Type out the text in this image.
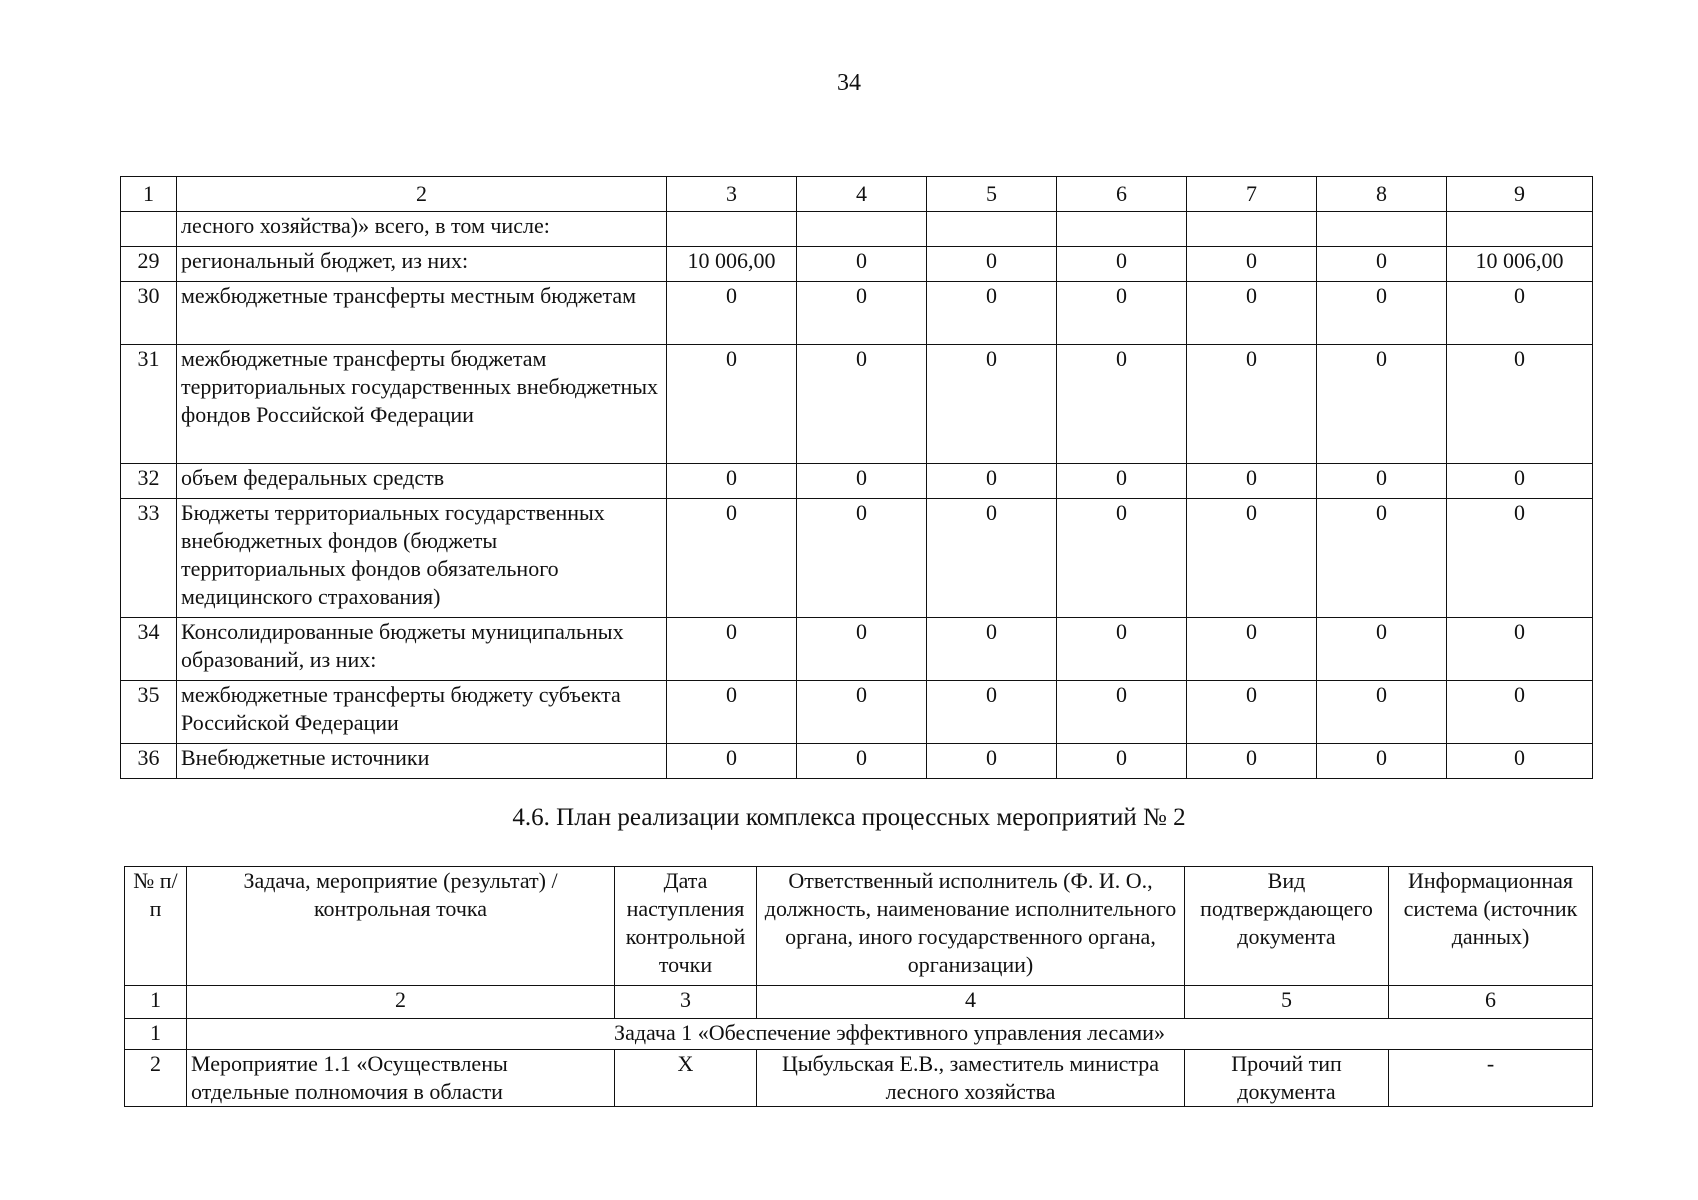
34
1	2	3	4	5	6	7	8	9
	лесного хозяйства)» всего, в том числе:							
29	региональный бюджет, из них:	10 006,00	0	0	0	0	0	10 006,00
30	межбюджетные трансферты местным бюджетам	0	0	0	0	0	0	0
31	межбюджетные трансферты бюджетам территориальных государственных внебюджетных фондов Российской Федерации	0	0	0	0	0	0	0
32	объем федеральных средств	0	0	0	0	0	0	0
33	Бюджеты территориальных государственных внебюджетных фондов (бюджеты территориальных фондов обязательного медицинского страхования)	0	0	0	0	0	0	0
34	Консолидированные бюджеты муниципальных образований, из них:	0	0	0	0	0	0	0
35	межбюджетные трансферты бюджету субъекта Российской Федерации	0	0	0	0	0	0	0
36	Внебюджетные источники	0	0	0	0	0	0	0
4.6. План реализации комплекса процессных мероприятий № 2
№ п/п	Задача, мероприятие (результат) / контрольная точка	Дата наступления контрольной точки	Ответственный исполнитель (Ф. И. О., должность, наименование исполнительного органа, иного государственного органа, организации)	Вид подтверждающего документа	Информационная система (источник данных)
1	2	3	4	5	6
1	Задача 1 «Обеспечение эффективного управления лесами»				
2	Мероприятие 1.1 «Осуществлены отдельные полномочия в области	X	Цыбульская Е.В., заместитель министра лесного хозяйства	Прочий тип документа	-
